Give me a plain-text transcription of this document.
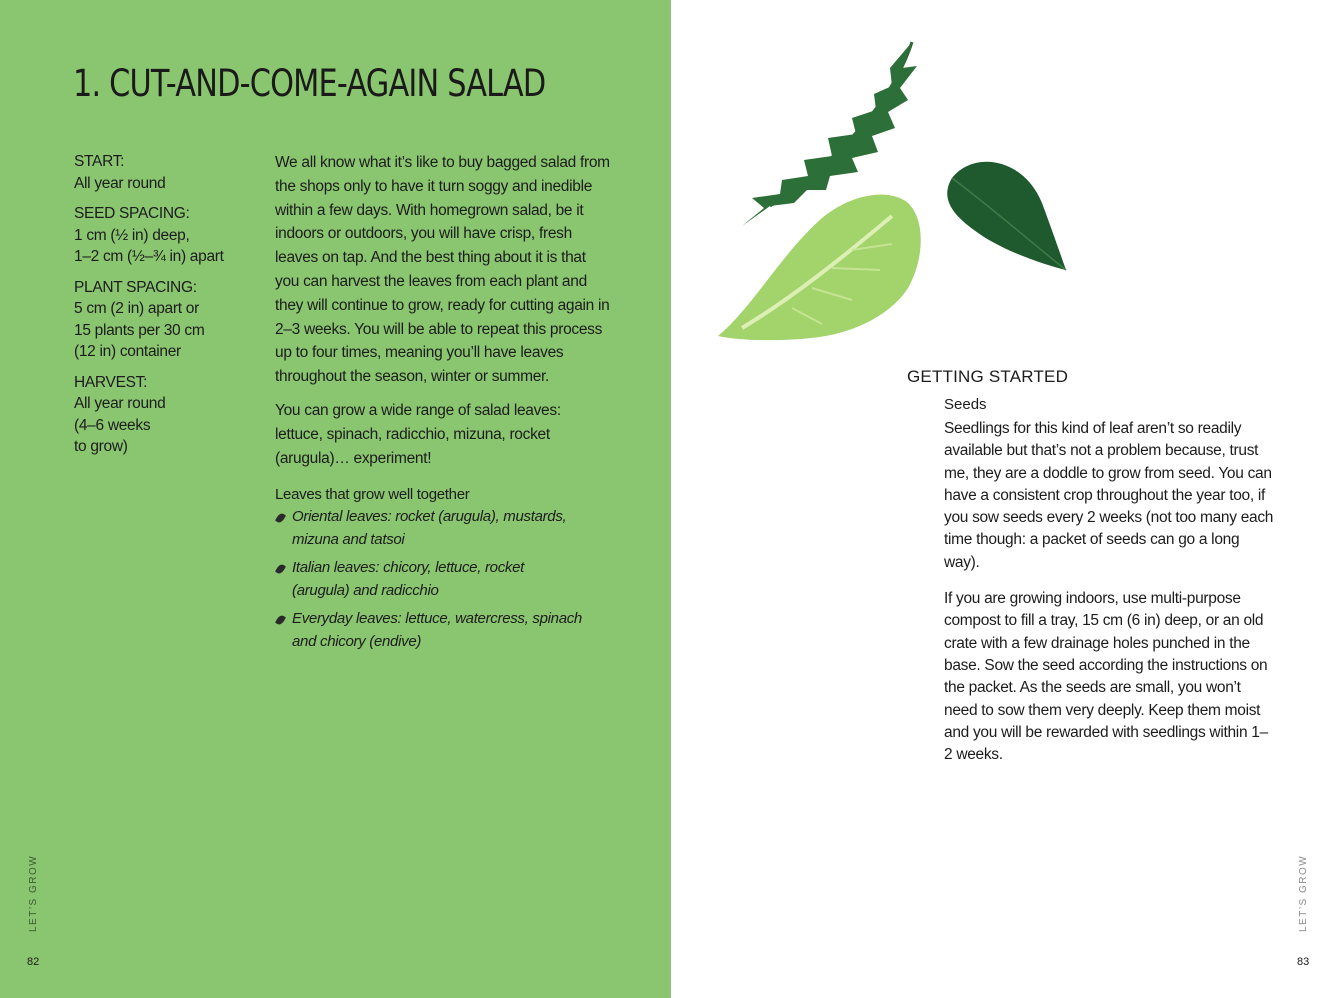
1. CUT-AND-COME-AGAIN SALAD
START:
All year round
SEED SPACING:
1 cm (½ in) deep,
1–2 cm (½–¾ in) apart
PLANT SPACING:
5 cm (2 in) apart or
15 plants per 30 cm
(12 in) container
HARVEST:
All year round
(4–6 weeks
to grow)

We all know what it’s like to buy bagged salad from the shops only to have it turn soggy and inedible within a few days. With homegrown salad, be it indoors or outdoors, you will have crisp, fresh leaves on tap. And the best thing about it is that you can harvest the leaves from each plant and they will continue to grow, ready for cutting again in 2–3 weeks. You will be able to repeat this process up to four times, meaning you’ll have leaves throughout the season, winter or summer.

You can grow a wide range of salad leaves: lettuce, spinach, radicchio, mizuna, rocket (arugula)… experiment!

Leaves that grow well together
Oriental leaves: rocket (arugula), mustards, mizuna and tatsoi
Italian leaves: chicory, lettuce, rocket (arugula) and radicchio
Everyday leaves: lettuce, watercress, spinach and chicory (endive)
LET’S GROW
82
GETTING STARTED
Seeds

Seedlings for this kind of leaf aren’t so readily available but that’s not a problem because, trust me, they are a doddle to grow from seed. You can have a consistent crop throughout the year too, if you sow seeds every 2 weeks (not too many each time though: a packet of seeds can go a long way).

If you are growing indoors, use multi-purpose compost to fill a tray, 15 cm (6 in) deep, or an old crate with a few drainage holes punched in the base. Sow the seed according the instructions on the packet. As the seeds are small, you won’t need to sow them very deeply. Keep them moist and you will be rewarded with seedlings within 1–2 weeks.

LET’S GROW
83
